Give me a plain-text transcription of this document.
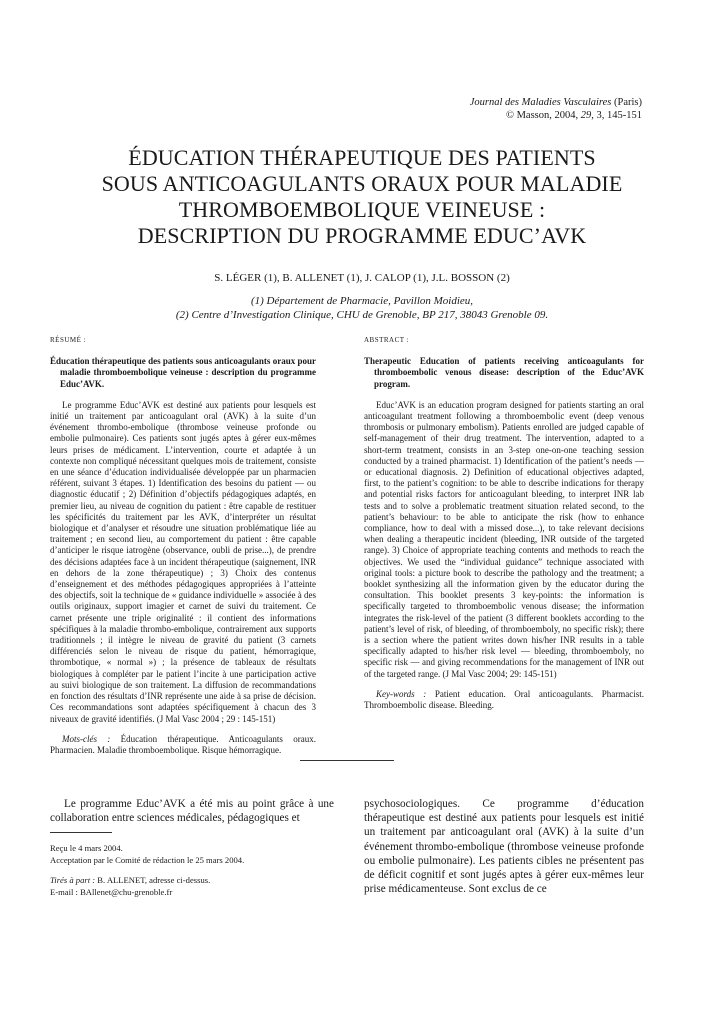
Journal des Maladies Vasculaires (Paris)
© Masson, 2004, 29, 3, 145-151
ÉDUCATION THÉRAPEUTIQUE DES PATIENTS
SOUS ANTICOAGULANTS ORAUX POUR MALADIE
THROMBOEMBOLIQUE VEINEUSE :
DESCRIPTION DU PROGRAMME EDUC’AVK
S. LÉGER (1), B. ALLENET (1), J. CALOP (1), J.L. BOSSON (2)
(1) Département de Pharmacie, Pavillon Moidieu,
(2) Centre d’Investigation Clinique, CHU de Grenoble, BP 217, 38043 Grenoble 09.
RÉSUMÉ :
Éducation thérapeutique des patients sous anticoagulants oraux pour maladie thromboembolique veineuse : description du programme Educ’AVK.

Le programme Educ’AVK est destiné aux patients pour lesquels est initié un traitement par anticoagulant oral (AVK) à la suite d’un événement thrombo-embolique (thrombose veineuse profonde ou embolie pulmonaire). Ces patients sont jugés aptes à gérer eux-mêmes leurs prises de médicament. L’intervention, courte et adaptée à un contexte non compliqué nécessitant quelques mois de traitement, consiste en une séance d’éducation individualisée développée par un pharmacien référent, suivant 3 étapes. 1) Identification des besoins du patient — ou diagnostic éducatif ; 2) Définition d’objectifs pédagogiques adaptés, en premier lieu, au niveau de cognition du patient : être capable de restituer les spécificités du traitement par les AVK, d’interpréter un résultat biologique et d’analyser et résoudre une situation problématique liée au traitement ; en second lieu, au comportement du patient : être capable d’anticiper le risque iatrogène (observance, oubli de prise...), de prendre des décisions adaptées face à un incident thérapeutique (saignement, INR en dehors de la zone thérapeutique) ; 3) Choix des contenus d’enseignement et des méthodes pédagogiques appropriées à l’atteinte des objectifs, soit la technique de « guidance individuelle » associée à des outils originaux, support imagier et carnet de suivi du traitement. Ce carnet présente une triple originalité : il contient des informations spécifiques à la maladie thrombo-embolique, contrairement aux supports traditionnels ; il intègre le niveau de gravité du patient (3 carnets différenciés selon le niveau de risque du patient, hémorragique, thrombotique, « normal ») ; la présence de tableaux de résultats biologiques à compléter par le patient l’incite à une participation active au suivi biologique de son traitement. La diffusion de recommandations en fonction des résultats d’INR représente une aide à sa prise de décision. Ces recommandations sont adaptées spécifiquement à chacun des 3 niveaux de gravité identifiés. (J Mal Vasc 2004 ; 29 : 145-151)

Mots-clés : Éducation thérapeutique. Anticoagulants oraux. Pharmacien. Maladie thromboembolique. Risque hémorragique.

ABSTRACT :
Therapeutic Education of patients receiving anticoagulants for thromboembolic venous disease: description of the Educ’AVK program.

Educ’AVK is an education program designed for patients starting an oral anticoagulant treatment following a thromboembolic event (deep venous thrombosis or pulmonary embolism). Patients enrolled are judged capable of self-management of their drug treatment. The intervention, adapted to a short-term treatment, consists in an 3-step one-on-one teaching session conducted by a trained pharmacist. 1) Identification of the patient’s needs — or educational diagnosis. 2) Definition of educational objectives adapted, first, to the patient’s cognition: to be able to describe indications for therapy and potential risks factors for anticoagulant bleeding, to interpret INR lab tests and to solve a problematic treatment situation related second, to the patient’s behaviour: to be able to anticipate the risk (how to enhance compliance, how to deal with a missed dose...), to take relevant decisions when dealing a therapeutic incident (bleeding, INR outside of the targeted range). 3) Choice of appropriate teaching contents and methods to reach the objectives. We used the “individual guidance” technique associated with original tools: a picture book to describe the pathology and the treatment; a booklet synthesizing all the information given by the educator during the consultation. This booklet presents 3 key-points: the information is specifically targeted to thromboembolic venous disease; the information integrates the risk-level of the patient (3 different booklets according to the patient’s level of risk, of bleeding, of thromboemboly, no specific risk); there is a section where the patient writes down his/her INR results in a table specifically adapted to his/her risk level — bleeding, thromboemboly, no specific risk — and giving recommendations for the management of INR out of the targeted range. (J Mal Vasc 2004; 29: 145-151)

Key-words : Patient education. Oral anticoagulants. Pharmacist. Thromboembolic disease. Bleeding.

Le programme Educ’AVK a été mis au point grâce à une collaboration entre sciences médicales, pédagogiques et

psychosociologiques. Ce programme d’éducation thérapeutique est destiné aux patients pour lesquels est initié un traitement par anticoagulant oral (AVK) à la suite d’un événement thrombo-embolique (thrombose veineuse profonde ou embolie pulmonaire). Les patients cibles ne présentent pas de déficit cognitif et sont jugés aptes à gérer eux-mêmes leur prise médicamenteuse. Sont exclus de ce

Reçu le 4 mars 2004.

Acceptation par le Comité de rédaction le 25 mars 2004.

Tirés à part : B. ALLENET, adresse ci-dessus.

E-mail : BAllenet@chu-grenoble.fr
